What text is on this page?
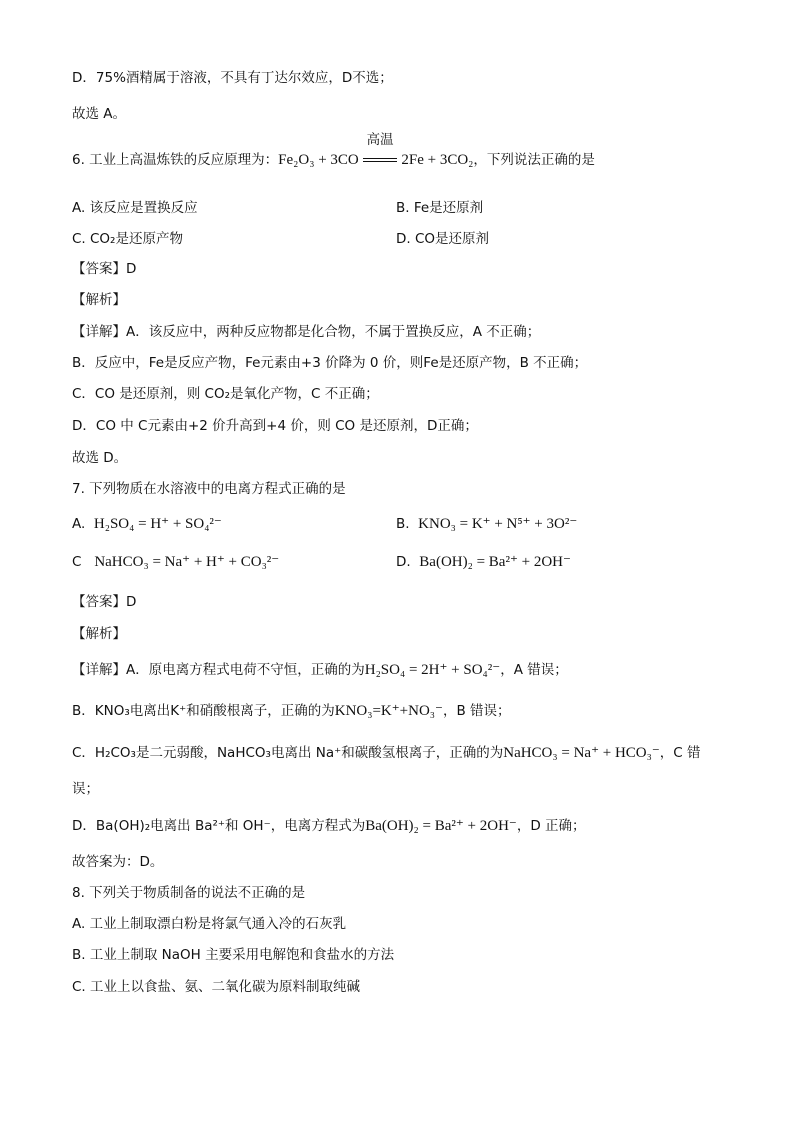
D．75%酒精属于溶液，不具有丁达尔效应，D不选；
故选 A。
6. 工业上高温炼铁的反应原理为：Fe₂O₃ + 3CO
高温
2Fe + 3CO₂，下列说法正确的是
A. 该反应是置换反应	B. Fe是还原剂
C. CO₂是还原产物	D. CO是还原剂
【答案】D
【解析】
【详解】A．该反应中，两种反应物都是化合物，不属于置换反应，A 不正确；
B．反应中，Fe是反应产物，Fe元素由+3 价降为 0 价，则Fe是还原产物，B 不正确；
C．CO 是还原剂，则 CO₂是氧化产物，C 不正确；
D．CO 中 C元素由+2 价升高到+4 价，则 CO 是还原剂，D正确；
故选 D。
7. 下列物质在水溶液中的电离方程式正确的是
A. H₂SO₄ = H⁺ + SO₄²⁻	B. KNO₃ = K⁺ + N⁵⁺ + 3O²⁻
C NaHCO₃ = Na⁺ + H⁺ + CO₃²⁻	D. Ba(OH)₂ = Ba²⁺ + 2OH⁻
【答案】D
【解析】
【详解】A．原电离方程式电荷不守恒，正确的为H₂SO₄ = 2H⁺ + SO₄²⁻，A 错误；
B．KNO₃电离出K⁺和硝酸根离子，正确的为KNO₃=K⁺+NO₃⁻，B 错误；
C．H₂CO₃是二元弱酸，NaHCO₃电离出 Na⁺和碳酸氢根离子，正确的为NaHCO₃ = Na⁺ + HCO₃⁻，C 错
误；
D．Ba(OH)₂电离出 Ba²⁺和 OH⁻，电离方程式为Ba(OH)₂ = Ba²⁺ + 2OH⁻，D 正确；
故答案为：D。
8. 下列关于物质制备的说法不正确的是
A. 工业上制取漂白粉是将氯气通入冷的石灰乳
B. 工业上制取 NaOH 主要采用电解饱和食盐水的方法
C. 工业上以食盐、氨、二氧化碳为原料制取纯碱
